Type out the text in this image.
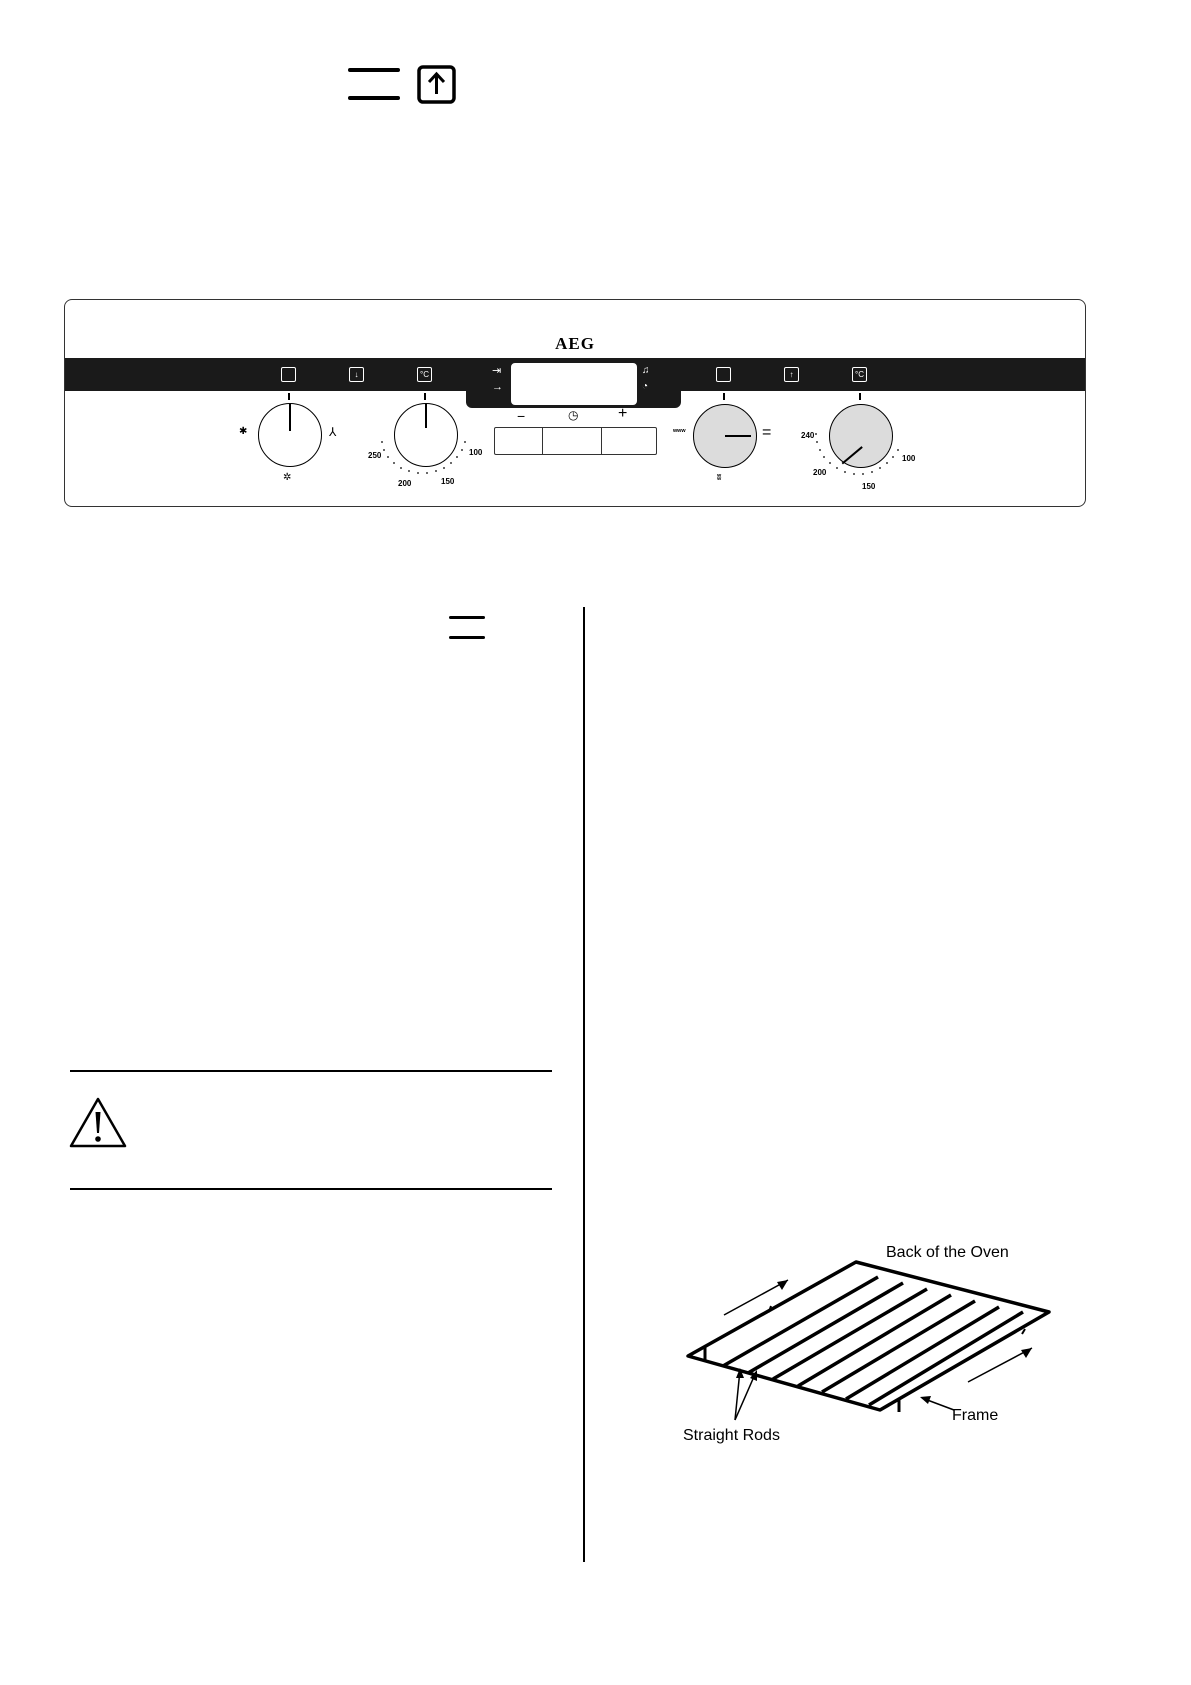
AEG
↓	°C	↑	°C
⇥
→
♫
◔
−	◷ +
✱	⅄
✲
250
200	150
100
ʷʷʷ	=
ʬ
240
200
150
100
Back of the Oven
Straight Rods
Frame
